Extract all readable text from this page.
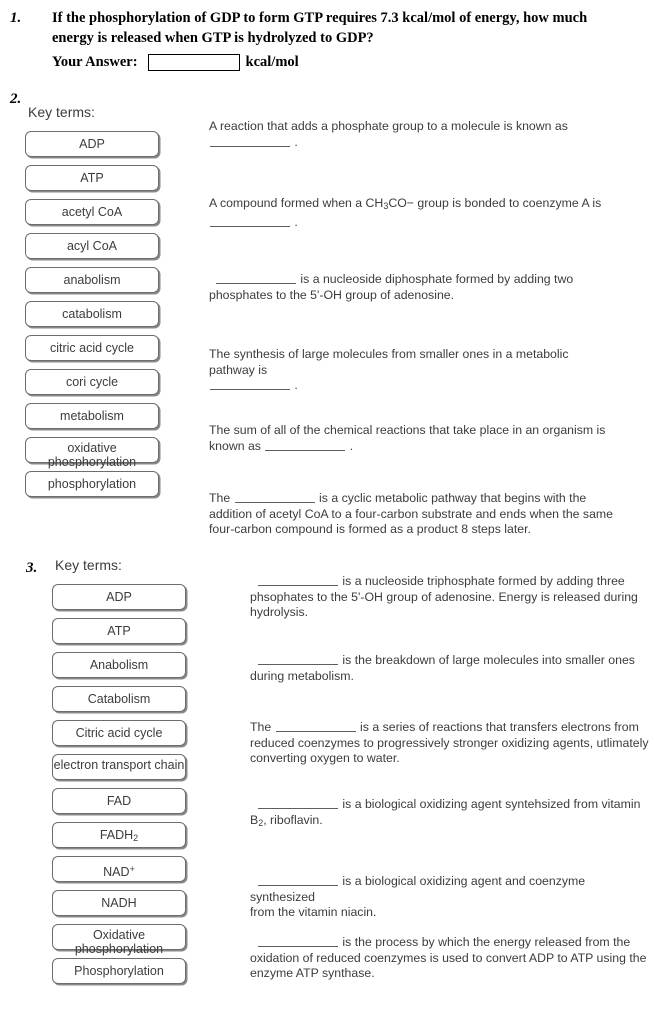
1. If the phosphorylation of GDP to form GTP requires 7.3 kcal/mol of energy, how much energy is released when GTP is hydrolyzed to GDP?
Your Answer:	kcal/mol
2.
Key terms:
ADP
ATP
acetyl CoA
acyl CoA
anabolism
catabolism
citric acid cycle
cori cycle
metabolism
oxidative phosphorylation
phosphorylation
A reaction that adds a phosphate group to a molecule is known as
.
A compound formed when a $CH_3CO-$ group is bonded to coenzyme A is
.
is a nucleoside diphosphate formed by adding two
phosphates to the 5'-OH group of adenosine.
The synthesis of large molecules from smaller ones in a metabolic pathway is
.
The sum of all of the chemical reactions that take place in an organism is
known as	.
The	is a cyclic metabolic pathway that begins with the
addition of acetyl CoA to a four-carbon substrate and ends when the same
four-carbon compound is formed as a product 8 steps later.
3. Key terms:
ADP
ATP
Anabolism
Catabolism
Citric acid cycle
electron transport chain
FAD
$FADH_2$
NAD+
NADH
Oxidative phosphorylation
Phosphorylation
is a nucleoside triphosphate formed by adding three
phsophates to the 5'-OH group of adenosine. Energy is released during
hydrolysis.
is the breakdown of large molecules into smaller ones
during metabolism.
The	is a series of reactions that transfers electrons from
reduced coenzymes to progressively stronger oxidizing agents, utlimately
converting oxygen to water.
is a biological oxidizing agent syntehsized from vitamin
$B_2$, riboflavin.
is a biological oxidizing agent and coenzyme synthesized
from the vitamin niacin.
is the process by which the energy released from the
oxidation of reduced coenzymes is used to convert ADP to ATP using the
enzyme ATP synthase.
